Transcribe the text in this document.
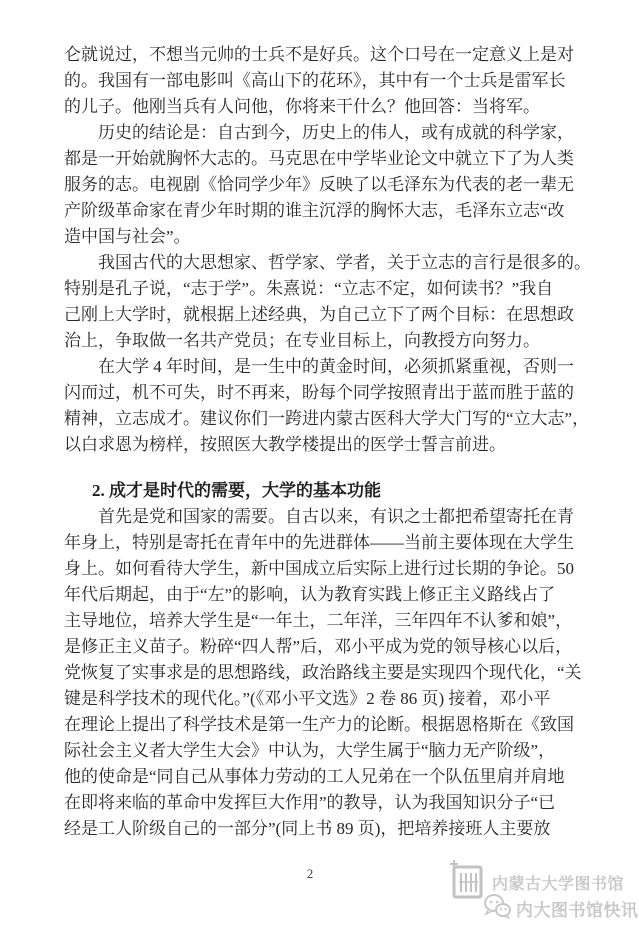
仑就说过，不想当元帅的士兵不是好兵。这个口号在一定意义上是对
的。我国有一部电影叫《高山下的花环》，其中有一个士兵是雷军长
的儿子。他刚当兵有人问他，你将来干什么？他回答：当将军。
历史的结论是：自古到今，历史上的伟人，或有成就的科学家，
都是一开始就胸怀大志的。马克思在中学毕业论文中就立下了为人类
服务的志。电视剧《恰同学少年》反映了以毛泽东为代表的老一辈无
产阶级革命家在青少年时期的谁主沉浮的胸怀大志，毛泽东立志“改
造中国与社会”。
我国古代的大思想家、哲学家、学者，关于立志的言行是很多的。
特别是孔子说，“志于学”。朱熹说：“立志不定，如何读书？”我自
己刚上大学时，就根据上述经典，为自己立下了两个目标：在思想政
治上，争取做一名共产党员；在专业目标上，向教授方向努力。
在大学 4 年时间，是一生中的黄金时间，必须抓紧重视，否则一
闪而过，机不可失，时不再来，盼每个同学按照青出于蓝而胜于蓝的
精神，立志成才。建议你们一跨进内蒙古医科大学大门写的“立大志”，
以白求恩为榜样，按照医大教学楼提出的医学士誓言前进。
2. 成才是时代的需要，大学的基本功能
首先是党和国家的需要。自古以来，有识之士都把希望寄托在青
年身上，特别是寄托在青年中的先进群体——当前主要体现在大学生
身上。如何看待大学生，新中国成立后实际上进行过长期的争论。50
年代后期起，由于“左”的影响，认为教育实践上修正主义路线占了
主导地位，培养大学生是“一年土，二年洋，三年四年不认爹和娘”，
是修正主义苗子。粉碎“四人帮”后，邓小平成为党的领导核心以后，
党恢复了实事求是的思想路线，政治路线主要是实现四个现代化，“关
键是科学技术的现代化。”(《邓小平文选》2 卷 86 页) 接着，邓小平
在理论上提出了科学技术是第一生产力的论断。根据恩格斯在《致国
际社会主义者大学生大会》中认为，大学生属于“脑力无产阶级”，
他的使命是“同自己从事体力劳动的工人兄弟在一个队伍里肩并肩地
在即将来临的革命中发挥巨大作用”的教导，认为我国知识分子“已
经是工人阶级自己的一部分”(同上书 89 页)，把培养接班人主要放
2
内蒙古大学图书馆
内大图书馆快讯
